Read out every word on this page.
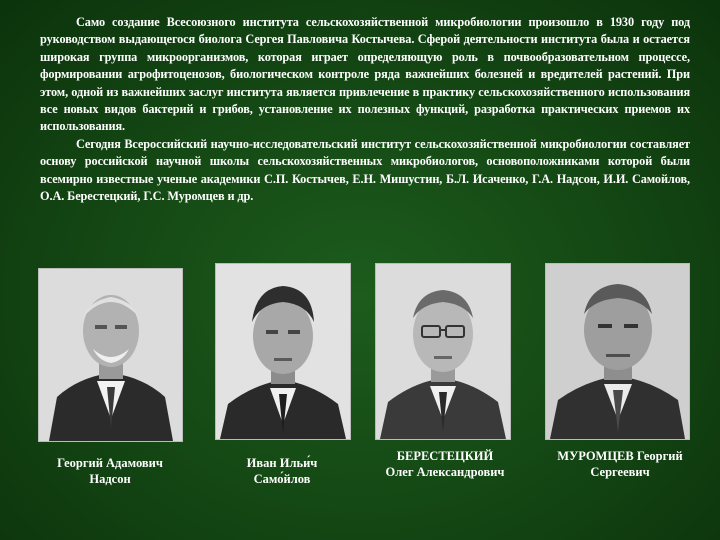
Само создание Всесоюзного института сельскохозяйственной микробиологии произошло в 1930 году под руководством выдающегося биолога Сергея Павловича Костычева. Сферой деятельности института была и остается широкая группа микроорганизмов, которая играет определяющую роль в почвообразовательном процессе, формировании агрофитоценозов, биологическом контроле ряда важнейших болезней и вредителей растений. При этом, одной из важнейших заслуг института является привлечение в практику сельскохозяйственного использования все новых видов бактерий и грибов, установление их полезных функций, разработка практических приемов их использования.

Сегодня Всероссийский научно-исследовательский институт сельскохозяйственной микробиологии составляет основу российской научной школы сельскохозяйственных микробиологов, основоположниками которой были всемирно известные ученые академики С.П. Костычев, Е.Н. Мишустин, Б.Л. Исаченко, Г.А. Надсон, И.И. Самойлов, О.А. Берестецкий, Г.С. Муромцев и др.

Георгий Адамович
Надсон
Иван Ильи́ч
Само́йлов
БЕРЕСТЕЦКИЙ
Олег Александрович
МУРОМЦЕВ Георгий
Сергеевич
